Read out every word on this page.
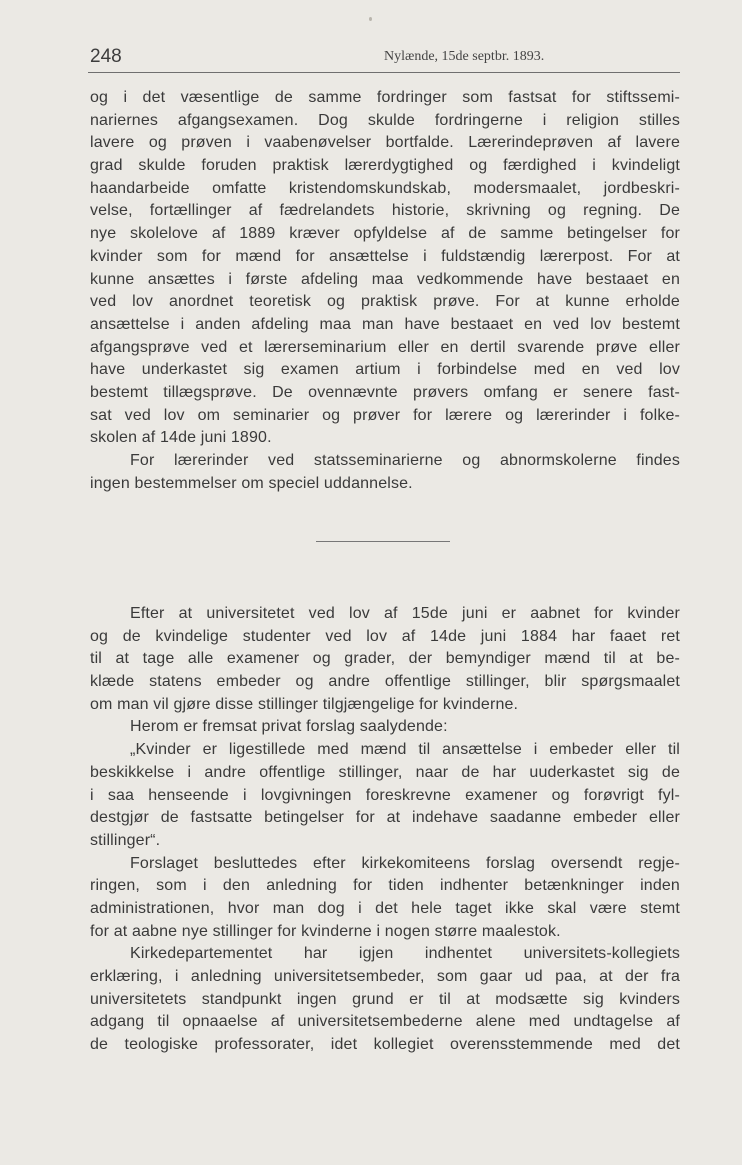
248	Nylænde, 15de septbr. 1893.
og i det væsentlige de samme fordringer som fastsat for stiftssemi-
nariernes afgangsexamen. Dog skulde fordringerne i religion stilles
lavere og prøven i vaabenøvelser bortfalde. Lærerindeprøven af lavere
grad skulde foruden praktisk lærerdygtighed og færdighed i kvindeligt
haandarbeide omfatte kristendomskundskab, modersmaalet, jordbeskri-
velse, fortællinger af fædrelandets historie, skrivning og regning. De
nye skolelove af 1889 kræver opfyldelse af de samme betingelser for
kvinder som for mænd for ansættelse i fuldstændig lærerpost. For at
kunne ansættes i første afdeling maa vedkommende have bestaaet en
ved lov anordnet teoretisk og praktisk prøve. For at kunne erholde
ansættelse i anden afdeling maa man have bestaaet en ved lov bestemt
afgangsprøve ved et lærerseminarium eller en dertil svarende prøve eller
have underkastet sig examen artium i forbindelse med en ved lov
bestemt tillægsprøve. De ovennævnte prøvers omfang er senere fast-
sat ved lov om seminarier og prøver for lærere og lærerinder i folke-
skolen af 14de juni 1890.
For lærerinder ved statsseminarierne og abnormskolerne findes
ingen bestemmelser om speciel uddannelse.
Efter at universitetet ved lov af 15de juni er aabnet for kvinder
og de kvindelige studenter ved lov af 14de juni 1884 har faaet ret
til at tage alle examener og grader, der bemyndiger mænd til at be-
klæde statens embeder og andre offentlige stillinger, blir spørgsmaalet
om man vil gjøre disse stillinger tilgjængelige for kvinderne.
Herom er fremsat privat forslag saalydende:
„Kvinder er ligestillede med mænd til ansættelse i embeder eller til
beskikkelse i andre offentlige stillinger, naar de har uuderkastet sig de
i saa henseende i lovgivningen foreskrevne examener og forøvrigt fyl-
destgjør de fastsatte betingelser for at indehave saadanne embeder eller
stillinger“.
Forslaget besluttedes efter kirkekomiteens forslag oversendt regje-
ringen, som i den anledning for tiden indhenter betænkninger inden
administrationen, hvor man dog i det hele taget ikke skal være stemt
for at aabne nye stillinger for kvinderne i nogen større maalestok.
Kirkedepartementet har igjen indhentet universitets-kollegiets
erklæring, i anledning universitetsembeder, som gaar ud paa, at der fra
universitetets standpunkt ingen grund er til at modsætte sig kvinders
adgang til opnaaelse af universitetsembederne alene med undtagelse af
de teologiske professorater, idet kollegiet overensstemmende med det
